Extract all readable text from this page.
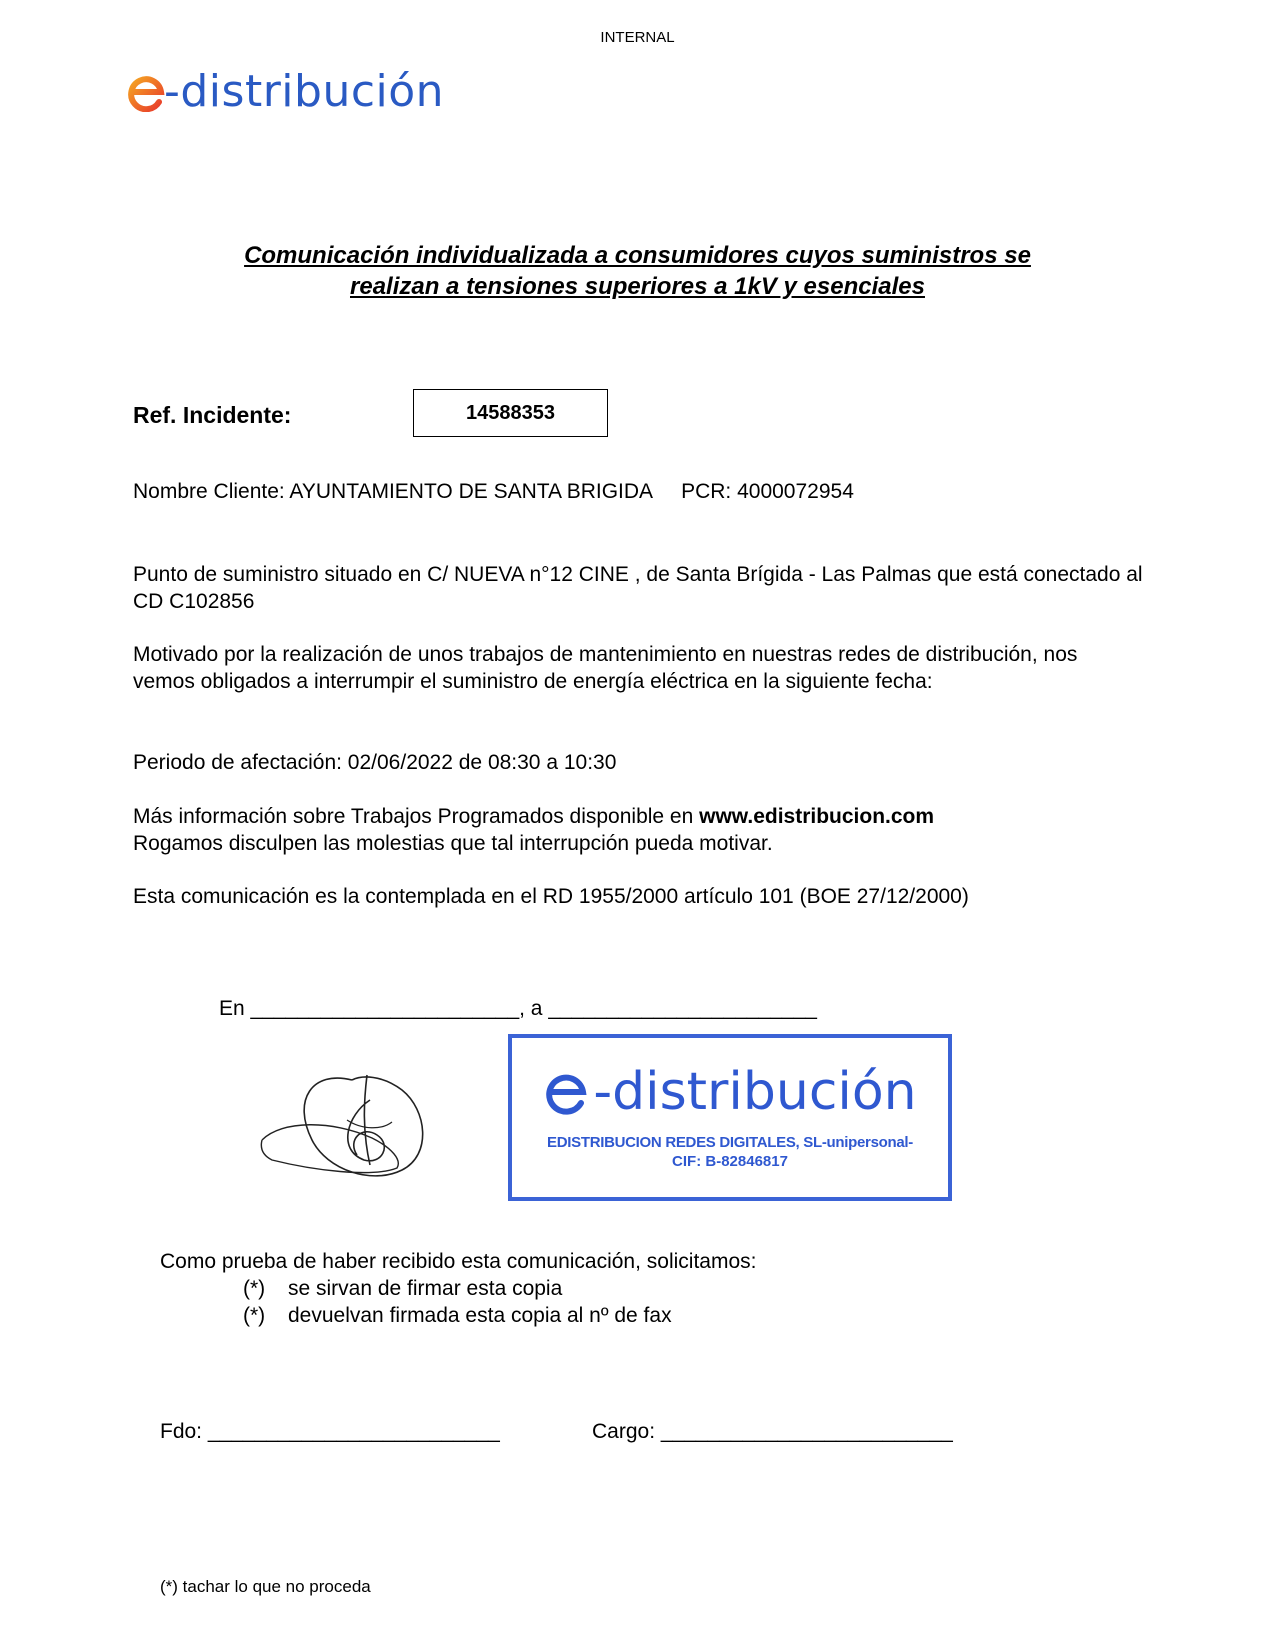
INTERNAL
-distribución
Comunicación individualizada a consumidores cuyos suministros se
realizan a tensiones superiores a 1kV y esenciales
Ref. Incidente:	14588353
Nombre Cliente: AYUNTAMIENTO DE SANTA BRIGIDA     PCR: 4000072954
Punto de suministro situado en C/ NUEVA n°12 CINE , de Santa Brígida - Las Palmas que está conectado al CD C102856
Motivado por la realización de unos trabajos de mantenimiento en nuestras redes de distribución, nos   vemos obligados a interrumpir el suministro de energía eléctrica en la siguiente fecha:
Periodo de afectación: 02/06/2022 de 08:30 a 10:30
Más información sobre Trabajos Programados disponible en www.edistribucion.com
Rogamos disculpen las molestias que tal interrupción pueda motivar.
Esta comunicación es la contemplada en el RD 1955/2000 artículo 101 (BOE 27/12/2000)
En _______________________, a _______________________
-distribución
EDISTRIBUCION REDES DIGITALES, SL-unipersonal-
CIF: B-82846817
Como prueba de haber recibido esta comunicación, solicitamos:
(*)	se sirvan de firmar esta copia
(*)	devuelvan firmada esta copia al nº de fax
Fdo: _________________________	Cargo: _________________________
(*) tachar lo que no proceda
